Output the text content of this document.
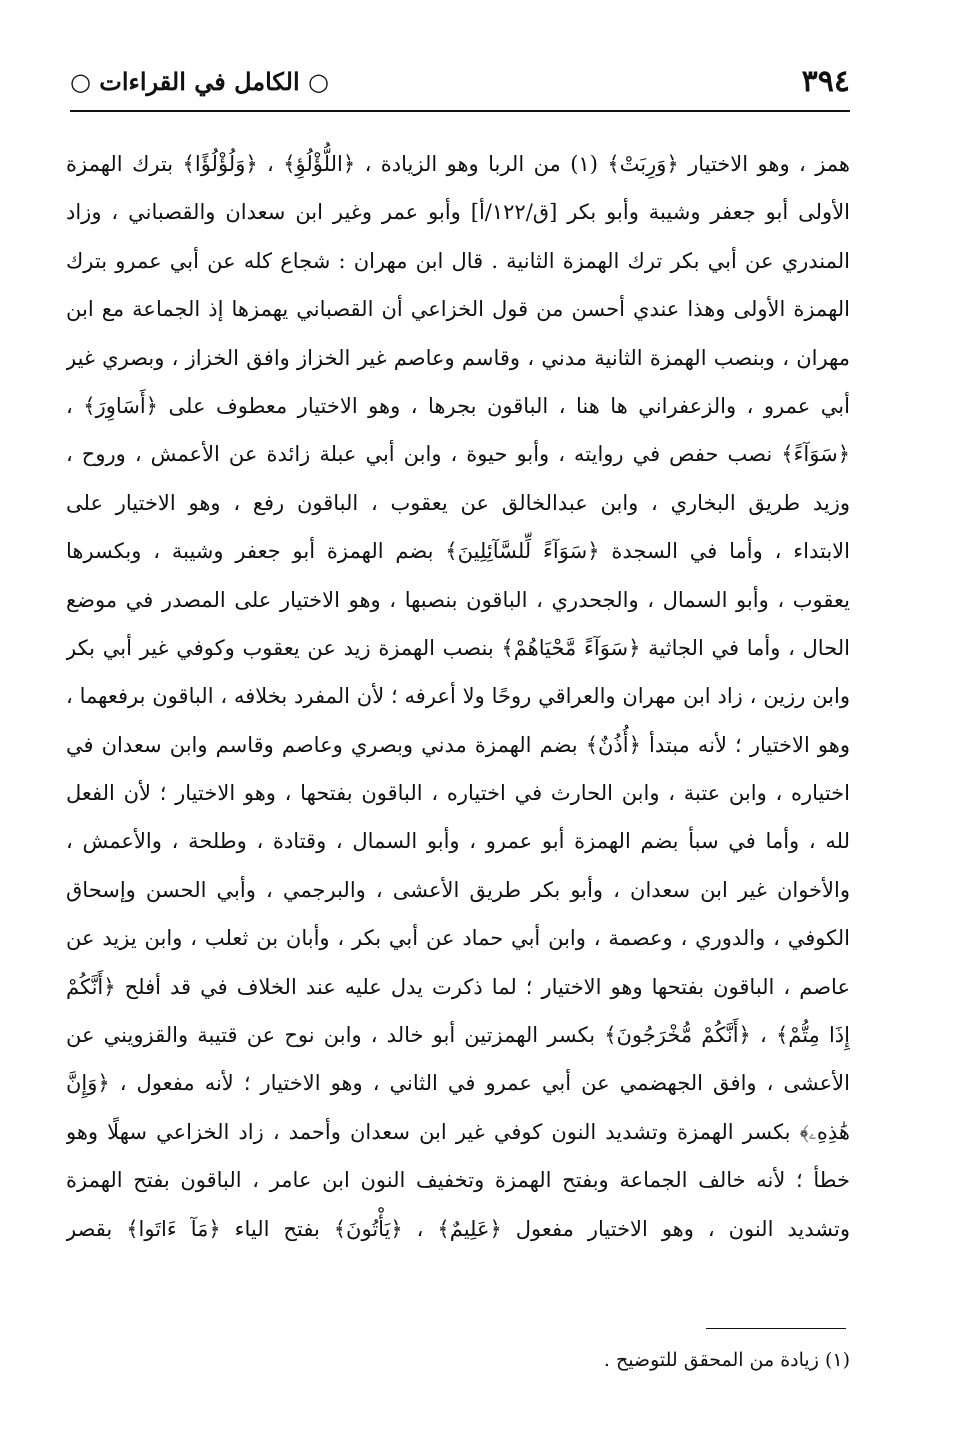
٣٩٤
○ الكامل في القراءات ○
همز ، وهو الاختيار ﴿وَرِبَتْ﴾ (١) من الربا وهو الزيادة ، ﴿اللُّؤْلُؤِ﴾ ، ﴿وَلُؤْلُؤًا﴾ بترك الهمزة
الأولى أبو جعفر وشيبة وأبو بكر [ق/١٢٢/أ] وأبو عمر وغير ابن سعدان والقصباني ، وزاد
المندري عن أبي بكر ترك الهمزة الثانية . قال ابن مهران : شجاع كله عن أبي عمرو بترك
الهمزة الأولى وهذا عندي أحسن من قول الخزاعي أن القصباني يهمزها إذ الجماعة مع ابن
مهران ، وبنصب الهمزة الثانية مدني ، وقاسم وعاصم غير الخزاز وافق الخزاز ، وبصري غير
أبي عمرو ، والزعفراني ها هنا ، الباقون بجرها ، وهو الاختيار معطوف على ﴿أَسَاوِرَ﴾ ،
﴿سَوَآءً﴾ نصب حفص في روايته ، وأبو حيوة ، وابن أبي عبلة زائدة عن الأعمش ، وروح ،
وزيد طريق البخاري ، وابن عبدالخالق عن يعقوب ، الباقون رفع ، وهو الاختيار على
الابتداء ، وأما في السجدة ﴿سَوَآءً لِّلسَّآئِلِينَ﴾ بضم الهمزة أبو جعفر وشيبة ، وبكسرها
يعقوب ، وأبو السمال ، والجحدري ، الباقون بنصبها ، وهو الاختيار على المصدر في موضع
الحال ، وأما في الجاثية ﴿سَوَآءً مَّحْيَاهُمْ﴾ بنصب الهمزة زيد عن يعقوب وكوفي غير أبي بكر
وابن رزين ، زاد ابن مهران والعراقي روحًا ولا أعرفه ؛ لأن المفرد بخلافه ، الباقون برفعهما ،
وهو الاختيار ؛ لأنه مبتدأ ﴿أُذُنٌ﴾ بضم الهمزة مدني وبصري وعاصم وقاسم وابن سعدان في
اختياره ، وابن عتبة ، وابن الحارث في اختياره ، الباقون بفتحها ، وهو الاختيار ؛ لأن الفعل
لله ، وأما في سبأ بضم الهمزة أبو عمرو ، وأبو السمال ، وقتادة ، وطلحة ، والأعمش ،
والأخوان غير ابن سعدان ، وأبو بكر طريق الأعشى ، والبرجمي ، وأبي الحسن وإسحاق
الكوفي ، والدوري ، وعصمة ، وابن أبي حماد عن أبي بكر ، وأبان بن ثعلب ، وابن يزيد عن
عاصم ، الباقون بفتحها وهو الاختيار ؛ لما ذكرت يدل عليه عند الخلاف في قد أفلح ﴿أَنَّكُمْ
إِذَا مِتُّمْ﴾ ، ﴿أَنَّكُمْ مُّخْرَجُونَ﴾ بكسر الهمزتين أبو خالد ، وابن نوح عن قتيبة والقزويني عن
الأعشى ، وافق الجهضمي عن أبي عمرو في الثاني ، وهو الاختيار ؛ لأنه مفعول ، ﴿وَإِنَّ
هَٰذِهِۦ﴾ بكسر الهمزة وتشديد النون كوفي غير ابن سعدان وأحمد ، زاد الخزاعي سهلًا وهو
خطأ ؛ لأنه خالف الجماعة وبفتح الهمزة وتخفيف النون ابن عامر ، الباقون بفتح الهمزة
وتشديد النون ، وهو الاختيار مفعول ﴿عَلِيمٌ﴾ ، ﴿يَأْتُونَ﴾ بفتح الياء ﴿مَآ ءَاتَوا﴾ بقصر
(١) زيادة من المحقق للتوضيح .
